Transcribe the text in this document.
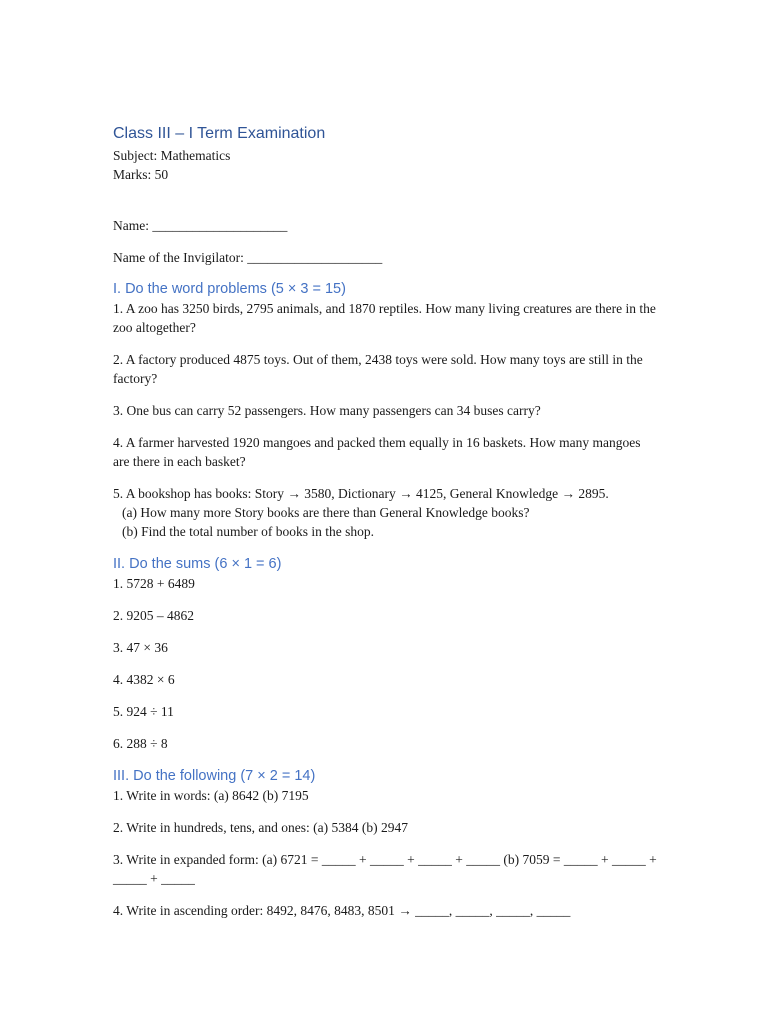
Class III – I Term Examination

Subject: Mathematics

Marks: 50

Name: ____________________

Name of the Invigilator: ____________________

I. Do the word problems (5 × 3 = 15)

1. A zoo has 3250 birds, 2795 animals, and 1870 reptiles. How many living creatures are there in the zoo altogether?

2. A factory produced 4875 toys. Out of them, 2438 toys were sold. How many toys are still in the factory?

3. One bus can carry 52 passengers. How many passengers can 34 buses carry?

4. A farmer harvested 1920 mangoes and packed them equally in 16 baskets. How many mangoes are there in each basket?

5. A bookshop has books: Story → 3580, Dictionary → 4125, General Knowledge → 2895.

(a) How many more Story books are there than General Knowledge books?

(b) Find the total number of books in the shop.

II. Do the sums (6 × 1 = 6)

1. 5728 + 6489

2. 9205 – 4862

3. 47 × 36

4. 4382 × 6

5. 924 ÷ 11

6. 288 ÷ 8

III. Do the following (7 × 2 = 14)

1. Write in words: (a) 8642 (b) 7195

2. Write in hundreds, tens, and ones: (a) 5384 (b) 2947

3. Write in expanded form: (a) 6721 = _____ + _____ + _____ + _____ (b) 7059 = _____ + _____ + _____ + _____

4. Write in ascending order: 8492, 8476, 8483, 8501 → _____, _____, _____, _____
